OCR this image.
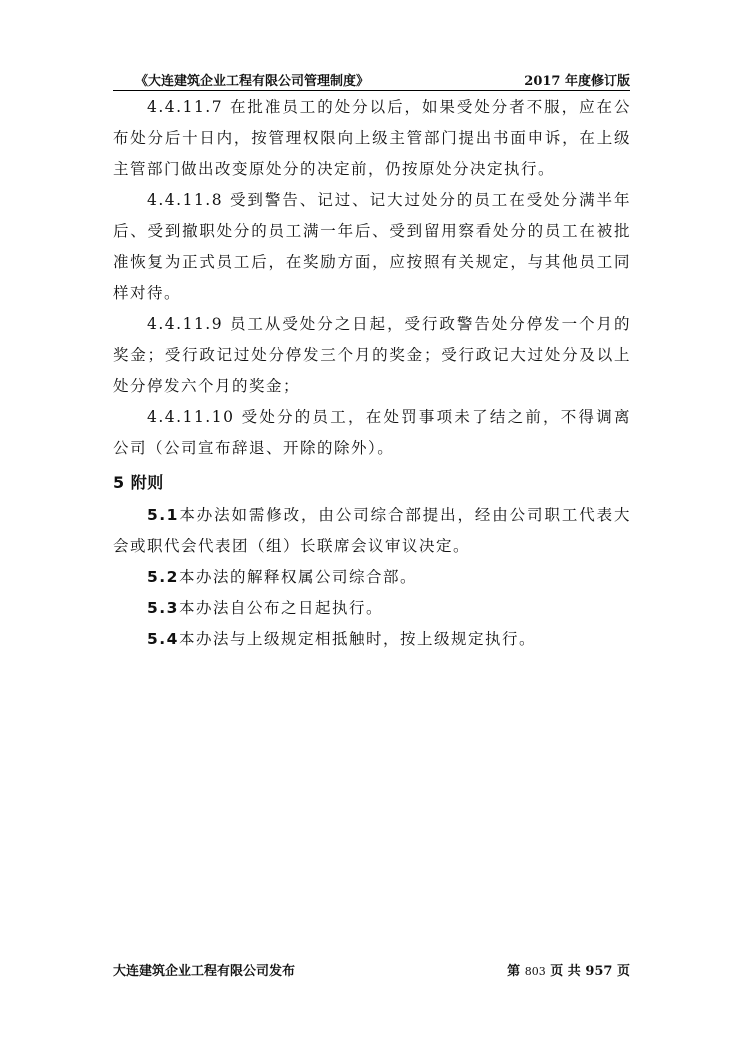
《大连建筑企业工程有限公司管理制度》	2017 年度修订版

4.4.11.7 在批准员工的处分以后，如果受处分者不服，应在公布处分后十日内，按管理权限向上级主管部门提出书面申诉，在上级主管部门做出改变原处分的决定前，仍按原处分决定执行。

4.4.11.8 受到警告、记过、记大过处分的员工在受处分满半年后、受到撤职处分的员工满一年后、受到留用察看处分的员工在被批准恢复为正式员工后，在奖励方面，应按照有关规定，与其他员工同样对待。

4.4.11.9 员工从受处分之日起，受行政警告处分停发一个月的奖金；受行政记过处分停发三个月的奖金；受行政记大过处分及以上处分停发六个月的奖金；

4.4.11.10 受处分的员工，在处罚事项未了结之前，不得调离公司（公司宣布辞退、开除的除外）。

5 附则

5.1本办法如需修改，由公司综合部提出，经由公司职工代表大会或职代会代表团（组）长联席会议审议决定。

5.2本办法的解释权属公司综合部。

5.3本办法自公布之日起执行。

5.4本办法与上级规定相抵触时，按上级规定执行。

大连建筑企业工程有限公司发布	第 803 页 共 957 页
